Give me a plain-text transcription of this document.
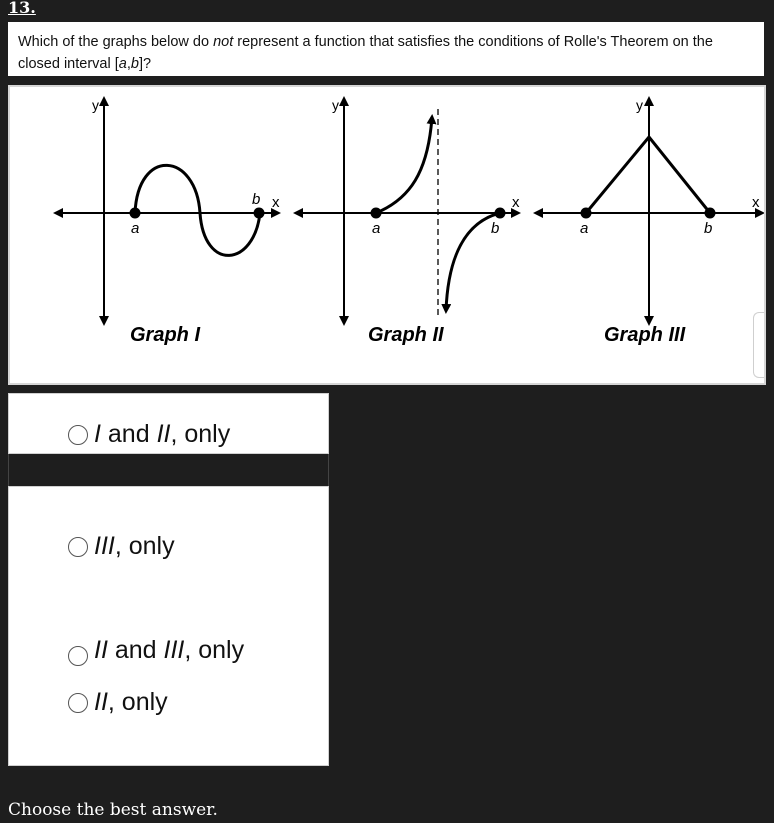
13.
Which of the graphs below do not represent a function that satisfies the conditions of Rolle's Theorem on the closed interval [a,b]?
y
x
a
b
Graph I
y
x
a	b
Graph II
y
x
a	b
Graph III
I and II, only
III, only
II and III, only
II, only
Choose the best answer.
